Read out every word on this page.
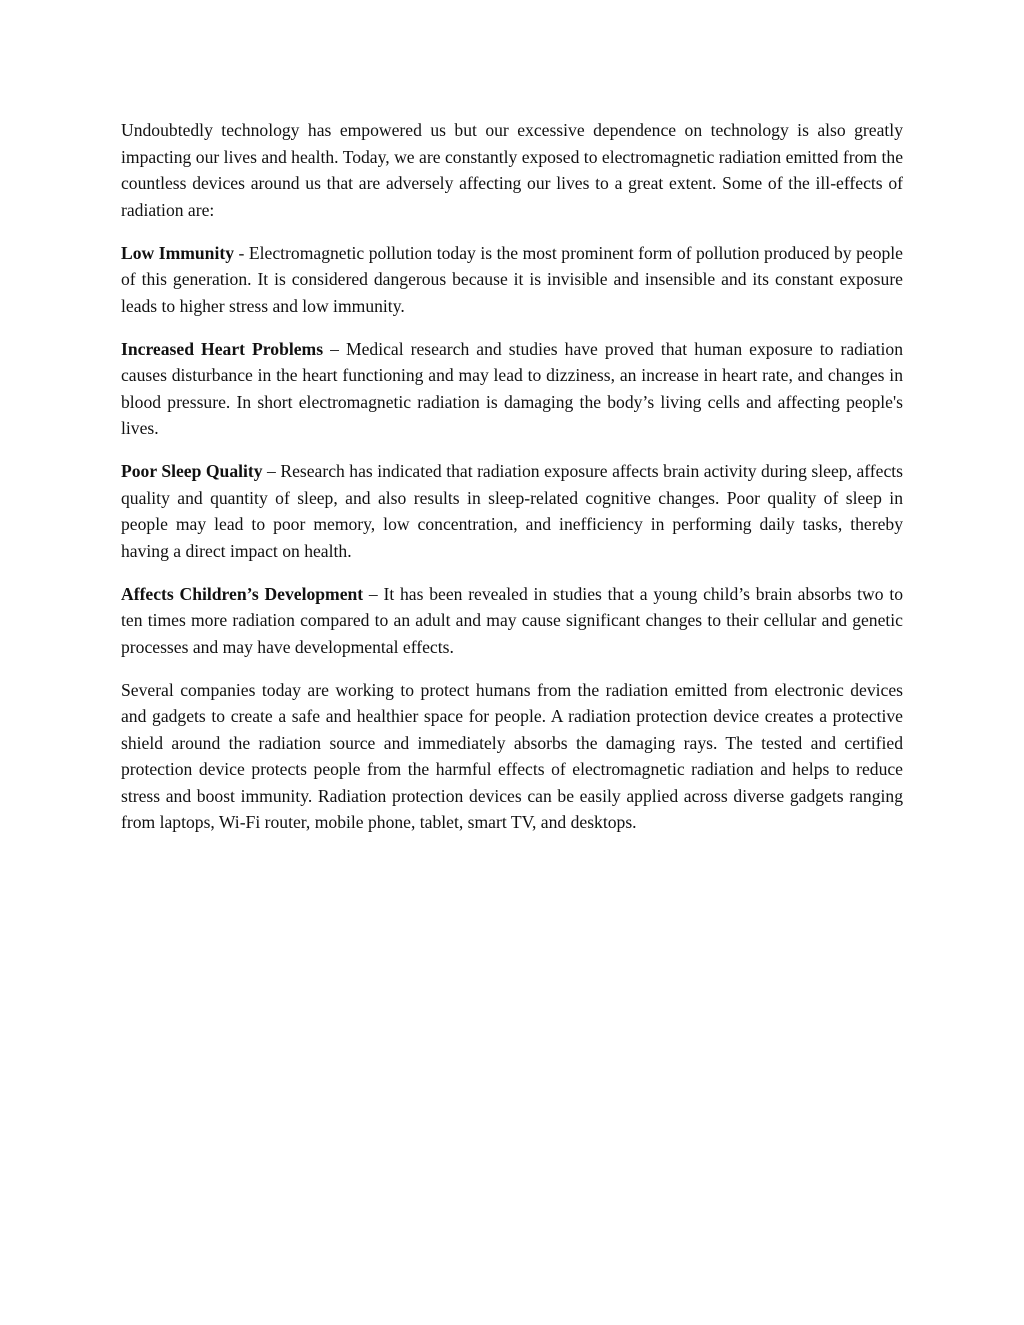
Undoubtedly technology has empowered us but our excessive dependence on technology is also greatly impacting our lives and health. Today, we are constantly exposed to electromagnetic radiation emitted from the countless devices around us that are adversely affecting our lives to a great extent. Some of the ill-effects of radiation are:

Low Immunity - Electromagnetic pollution today is the most prominent form of pollution produced by people of this generation. It is considered dangerous because it is invisible and insensible and its constant exposure leads to higher stress and low immunity.

Increased Heart Problems – Medical research and studies have proved that human exposure to radiation causes disturbance in the heart functioning and may lead to dizziness, an increase in heart rate, and changes in blood pressure. In short electromagnetic radiation is damaging the body’s living cells and affecting people's lives.

Poor Sleep Quality – Research has indicated that radiation exposure affects brain activity during sleep, affects quality and quantity of sleep, and also results in sleep-related cognitive changes. Poor quality of sleep in people may lead to poor memory, low concentration, and inefficiency in performing daily tasks, thereby having a direct impact on health.

Affects Children’s Development – It has been revealed in studies that a young child’s brain absorbs two to ten times more radiation compared to an adult and may cause significant changes to their cellular and genetic processes and may have developmental effects.

Several companies today are working to protect humans from the radiation emitted from electronic devices and gadgets to create a safe and healthier space for people. A radiation protection device creates a protective shield around the radiation source and immediately absorbs the damaging rays. The tested and certified protection device protects people from the harmful effects of electromagnetic radiation and helps to reduce stress and boost immunity. Radiation protection devices can be easily applied across diverse gadgets ranging from laptops, Wi-Fi router, mobile phone, tablet, smart TV, and desktops.
